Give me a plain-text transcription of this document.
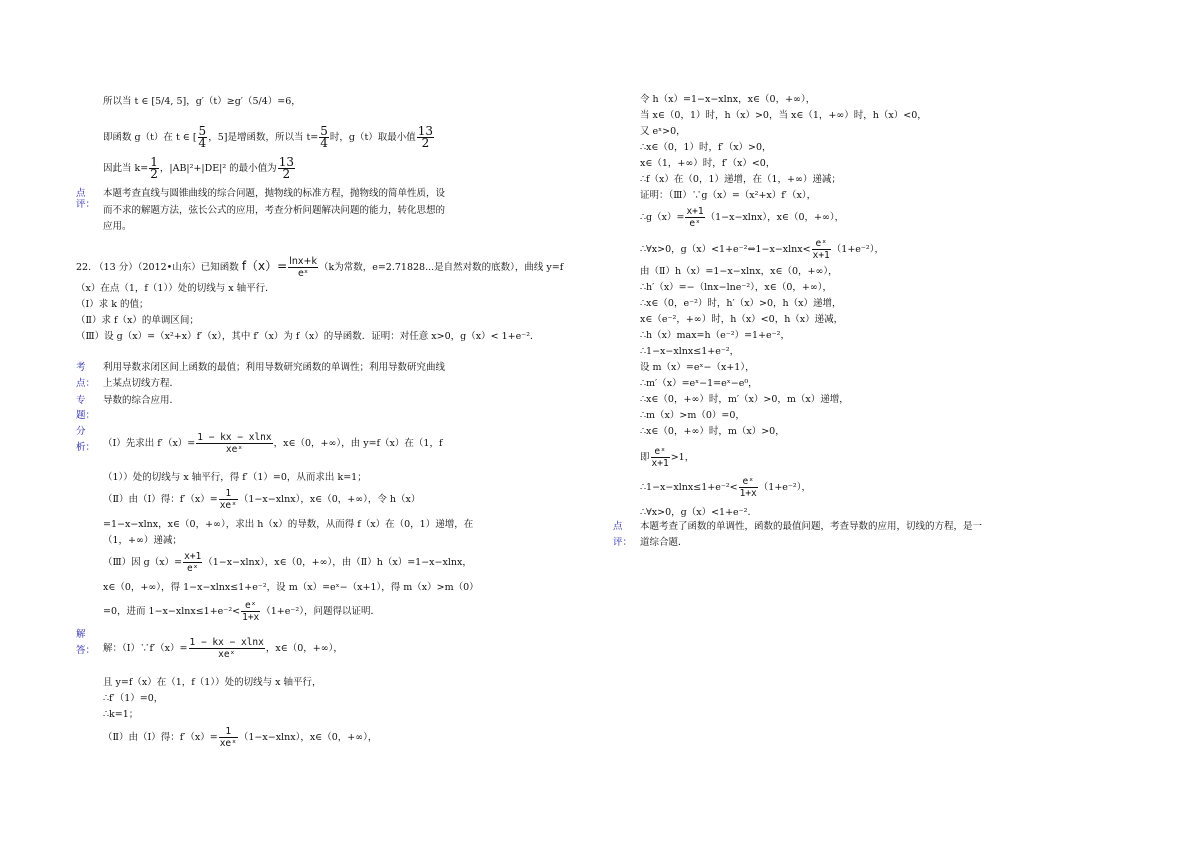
所以当 t ∈ [5/4, 5]，g′（t）≥g′（5/4）=6，
即函数 g（t）在 t ∈ [ $\frac{5}{4}$ ，5]是增函数，所以当 $t= \frac{5}{4}$ 时，g（t）取最小值 $\frac{13}{2}$
因此当 $k= \frac{1}{2}$ ，|AB|²+|DE|² 的最小值为 $\frac{13}{2}$
点评：
本题考查直线与圆锥曲线的综合问题，抛物线的标准方程，抛物线的简单性质，设
而不求的解题方法，弦长公式的应用，考查分析问题解决问题的能力，转化思想的
应用。
22. （13 分）（2012•山东）已知函数 $f(x)= \frac{\ln x+k}{\text{eˣ}} (k$为常数，e=2.71828...是自然对数的底数），曲线 y=f
（x）在点（1，f（1））处的切线与 x 轴平行．
（Ⅰ）求 k 的值；
（Ⅱ）求 f（x）的单调区间；
（Ⅲ）设 g（x）=（x²+x）f′（x），其中 f′（x）为 f（x）的导函数．证明：对任意 x>0，g（x）< 1+e⁻²．
考
点：
利用导数求闭区间上函数的最值；利用导数研究函数的单调性；利用导数研究曲线
上某点切线方程．
专
题：
导数的综合应用．
分
析： （Ⅰ）先求出 $f'(x)= \frac{1 - kx - xlnx}{\text{xeˣ}}$ ，x∈（0，+∞），由 y=f（x）在（1，f
（1））处的切线与 x 轴平行，得 f′（1）=0，从而求出 k=1；
（Ⅱ）由（Ⅰ）得：$f'(x)= \frac{1}{\text{xeˣ}} (1-x-xlnx)$，x∈（0，+∞），令 h（x）
=1−x−xlnx，x∈（0，+∞），求出 h（x）的导数，从而得 f（x）在（0，1）递增，在
（1，+∞）递减；
（Ⅲ）因 $g(x)= \frac{x+1}{\text{eˣ}} (1-x-xlnx)$，x∈（0，+∞），由（Ⅱ）h（x）=1−x−xlnx，
x∈（0，+∞），得 1−x−xlnx≤1+e⁻²，设 m（x）=eˣ−（x+1），得 m（x）>m（0）
=0，进而 $1-x-xlnx\le 1+e^{-2}< \frac{\text{eˣ}}{1+x} (1+e^{-2})$，问题得以证明．
解
答： 解：（Ⅰ）∵f′（x）= $\frac{1 - kx - xlnx}{\text{xeˣ}}$ ，x∈（0，+∞），
且 y=f（x）在（1，f（1））处的切线与 x 轴平行，
∴f′（1）=0，
∴k=1；
（Ⅱ）由（Ⅰ）得：$f'(x)= \frac{1}{\text{xeˣ}} (1-x-xlnx)$，x∈（0，+∞），
令 h（x）=1−x−xlnx，x∈（0，+∞），
当 x∈（0，1）时，h（x）>0，当 x∈（1，+∞）时，h（x）<0，
又 eˣ>0，
∴x∈（0，1）时，f′（x）>0，
x∈（1，+∞）时，f′（x）<0，
∴f（x）在（0，1）递增，在（1，+∞）递减；
证明：（Ⅲ）∵g（x）=（x²+x）f′（x），
∴g（x）= $\frac{x+1}{\text{eˣ}} (1-x-xlnx)$，x∈（0，+∞），
∴∀x>0，g（x）<1+e⁻²⇔1−x−xlnx< $\frac{\text{eˣ}}{x+1} (1+e^{-2})$，
由（Ⅱ）h（x）=1−x−xlnx，x∈（0，+∞），
∴h′（x）=−（lnx−lne⁻²），x∈（0，+∞），
∴x∈（0，e⁻²）时，h′（x）>0，h（x）递增，
x∈（e⁻²，+∞）时，h（x）<0，h（x）递减，
∴h（x）max=h（e⁻²）=1+e⁻²，
∴1−x−xlnx≤1+e⁻²，
设 m（x）=eˣ−（x+1），
∴m′（x）=eˣ−1=eˣ−e⁰，
∴x∈（0，+∞）时，m′（x）>0，m（x）递增，
∴m（x）>m（0）=0，
∴x∈（0，+∞）时，m（x）>0，
即 $\frac{\text{eˣ}}{x+1} >1$，
∴1−x−xlnx≤1+e⁻²< $\frac{\text{eˣ}}{1+x} (1+e^{-2})$，
∴∀x>0，g（x）<1+e⁻²．
点
评：
本题考查了函数的单调性，函数的最值问题，考查导数的应用，切线的方程，是一
道综合题．
